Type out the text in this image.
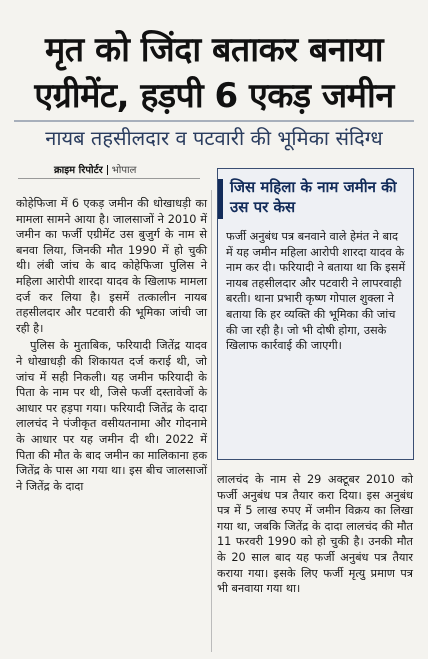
मृत को जिंदा बताकर बनाया
एग्रीमेंट, हड़पी 6 एकड़ जमीन
नायब तहसीलदार व पटवारी की भूमिका संदिग्ध
क्राइम रिपोर्टर भोपाल

कोहेफिजा में 6 एकड़ जमीन की धोखाधड़ी का मामला सामने आया है। जालसाजों ने 2010 में जमीन का फर्जी एग्रीमेंट उस बुजुर्ग के नाम से बनवा लिया, जिनकी मौत 1990 में हो चुकी थी। लंबी जांच के बाद कोहेफिजा पुलिस ने महिला आरोपी शारदा यादव के खिलाफ मामला दर्ज कर लिया है। इसमें तत्कालीन नायब तहसीलदार और पटवारी की भूमिका जांची जा रही है।

पुलिस के मुताबिक, फरियादी जितेंद्र यादव ने धोखाधड़ी की शिकायत दर्ज कराई थी, जो जांच में सही निकली। यह जमीन फरियादी के पिता के नाम पर थी, जिसे फर्जी दस्तावेजों के आधार पर हड़पा गया। फरियादी जितेंद्र के दादा लालचंद ने पंजीकृत वसीयतनामा और गोदनामे के आधार पर यह जमीन दी थी। 2022 में पिता की मौत के बाद जमीन का मालिकाना हक जितेंद्र के पास आ गया था। इस बीच जालसाजों ने जितेंद्र के दादा

जिस महिला के नाम जमीन की उस पर केस
फर्जी अनुबंध पत्र बनवाने वाले हेमंत ने बाद में यह जमीन महिला आरोपी शारदा यादव के नाम कर दी। फरियादी ने बताया था कि इसमें नायब तहसीलदार और पटवारी ने लापरवाही बरती। थाना प्रभारी कृष्ण गोपाल शुक्ला ने बताया कि हर व्यक्ति की भूमिका की जांच की जा रही है। जो भी दोषी होगा, उसके खिलाफ कार्रवाई की जाएगी।

लालचंद के नाम से 29 अक्टूबर 2010 को फर्जी अनुबंध पत्र तैयार करा दिया। इस अनुबंध पत्र में 5 लाख रुपए में जमीन विक्रय का लिखा गया था, जबकि जितेंद्र के दादा लालचंद की मौत 11 फरवरी 1990 को हो चुकी है। उनकी मौत के 20 साल बाद यह फर्जी अनुबंध पत्र तैयार कराया गया। इसके लिए फर्जी मृत्यु प्रमाण पत्र भी बनवाया गया था।
